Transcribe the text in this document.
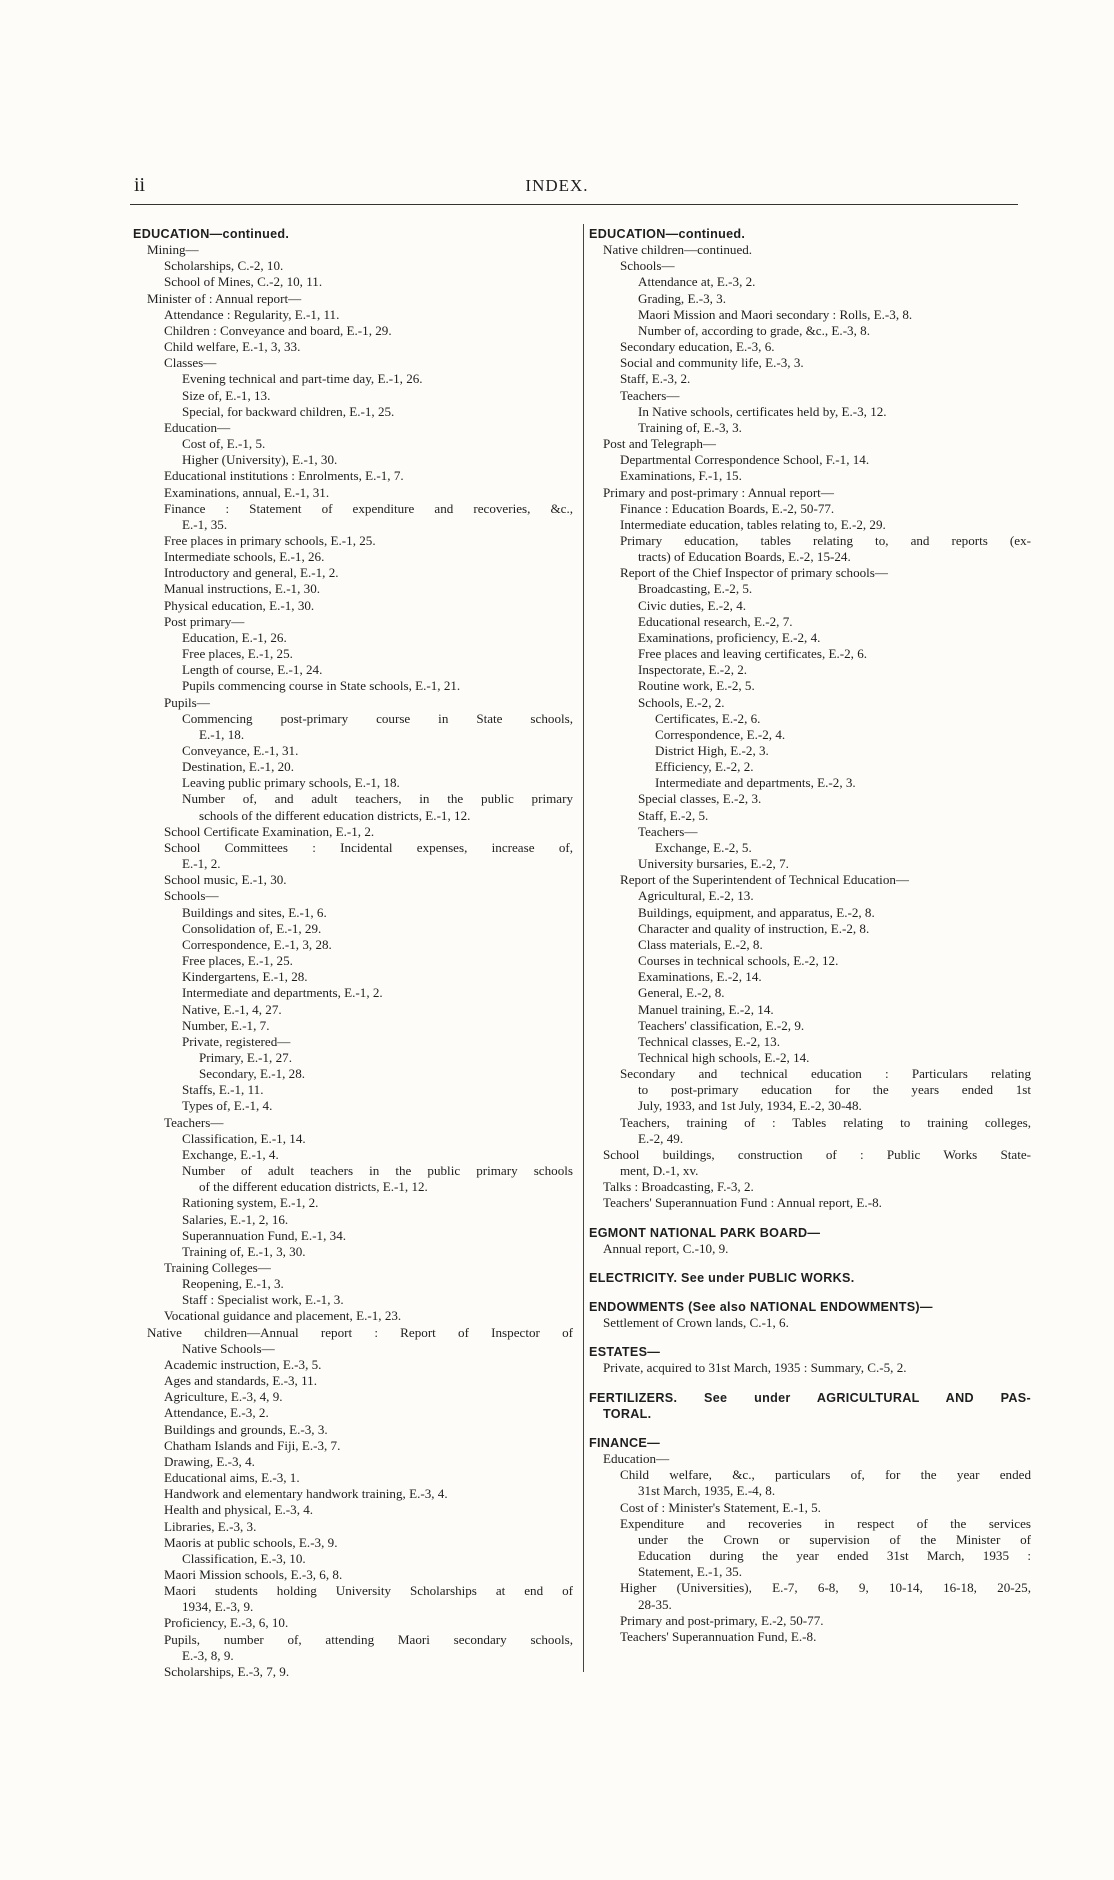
ii	INDEX.
EDUCATION—continued.
Mining—
Scholarships, C.-2, 10.
School of Mines, C.-2, 10, 11.
Minister of : Annual report—
Attendance : Regularity, E.-1, 11.
Children : Conveyance and board, E.-1, 29.
Child welfare, E.-1, 3, 33.
Classes—
Evening technical and part-time day, E.-1, 26.
Size of, E.-1, 13.
Special, for backward children, E.-1, 25.
Education—
Cost of, E.-1, 5.
Higher (University), E.-1, 30.
Educational institutions : Enrolments, E.-1, 7.
Examinations, annual, E.-1, 31.
Finance : Statement of expenditure and recoveries, &c.,
E.-1, 35.
Free places in primary schools, E.-1, 25.
Intermediate schools, E.-1, 26.
Introductory and general, E.-1, 2.
Manual instructions, E.-1, 30.
Physical education, E.-1, 30.
Post primary—
Education, E.-1, 26.
Free places, E.-1, 25.
Length of course, E.-1, 24.
Pupils commencing course in State schools, E.-1, 21.
Pupils—
Commencing post-primary course in State schools,
E.-1, 18.
Conveyance, E.-1, 31.
Destination, E.-1, 20.
Leaving public primary schools, E.-1, 18.
Number of, and adult teachers, in the public primary
schools of the different education districts, E.-1, 12.
School Certificate Examination, E.-1, 2.
School Committees : Incidental expenses, increase of,
E.-1, 2.
School music, E.-1, 30.
Schools—
Buildings and sites, E.-1, 6.
Consolidation of, E.-1, 29.
Correspondence, E.-1, 3, 28.
Free places, E.-1, 25.
Kindergartens, E.-1, 28.
Intermediate and departments, E.-1, 2.
Native, E.-1, 4, 27.
Number, E.-1, 7.
Private, registered—
Primary, E.-1, 27.
Secondary, E.-1, 28.
Staffs, E.-1, 11.
Types of, E.-1, 4.
Teachers—
Classification, E.-1, 14.
Exchange, E.-1, 4.
Number of adult teachers in the public primary schools
of the different education districts, E.-1, 12.
Rationing system, E.-1, 2.
Salaries, E.-1, 2, 16.
Superannuation Fund, E.-1, 34.
Training of, E.-1, 3, 30.
Training Colleges—
Reopening, E.-1, 3.
Staff : Specialist work, E.-1, 3.
Vocational guidance and placement, E.-1, 23.
Native children—Annual report : Report of Inspector of
Native Schools—
Academic instruction, E.-3, 5.
Ages and standards, E.-3, 11.
Agriculture, E.-3, 4, 9.
Attendance, E.-3, 2.
Buildings and grounds, E.-3, 3.
Chatham Islands and Fiji, E.-3, 7.
Drawing, E.-3, 4.
Educational aims, E.-3, 1.
Handwork and elementary handwork training, E.-3, 4.
Health and physical, E.-3, 4.
Libraries, E.-3, 3.
Maoris at public schools, E.-3, 9.
Classification, E.-3, 10.
Maori Mission schools, E.-3, 6, 8.
Maori students holding University Scholarships at end of
1934, E.-3, 9.
Proficiency, E.-3, 6, 10.
Pupils, number of, attending Maori secondary schools,
E.-3, 8, 9.
Scholarships, E.-3, 7, 9.
EDUCATION—continued.
Native children—continued.
Schools—
Attendance at, E.-3, 2.
Grading, E.-3, 3.
Maori Mission and Maori secondary : Rolls, E.-3, 8.
Number of, according to grade, &c., E.-3, 8.
Secondary education, E.-3, 6.
Social and community life, E.-3, 3.
Staff, E.-3, 2.
Teachers—
In Native schools, certificates held by, E.-3, 12.
Training of, E.-3, 3.
Post and Telegraph—
Departmental Correspondence School, F.-1, 14.
Examinations, F.-1, 15.
Primary and post-primary : Annual report—
Finance : Education Boards, E.-2, 50-77.
Intermediate education, tables relating to, E.-2, 29.
Primary education, tables relating to, and reports (ex-
tracts) of Education Boards, E.-2, 15-24.
Report of the Chief Inspector of primary schools—
Broadcasting, E.-2, 5.
Civic duties, E.-2, 4.
Educational research, E.-2, 7.
Examinations, proficiency, E.-2, 4.
Free places and leaving certificates, E.-2, 6.
Inspectorate, E.-2, 2.
Routine work, E.-2, 5.
Schools, E.-2, 2.
Certificates, E.-2, 6.
Correspondence, E.-2, 4.
District High, E.-2, 3.
Efficiency, E.-2, 2.
Intermediate and departments, E.-2, 3.
Special classes, E.-2, 3.
Staff, E.-2, 5.
Teachers—
Exchange, E.-2, 5.
University bursaries, E.-2, 7.
Report of the Superintendent of Technical Education—
Agricultural, E.-2, 13.
Buildings, equipment, and apparatus, E.-2, 8.
Character and quality of instruction, E.-2, 8.
Class materials, E.-2, 8.
Courses in technical schools, E.-2, 12.
Examinations, E.-2, 14.
General, E.-2, 8.
Manuel training, E.-2, 14.
Teachers' classification, E.-2, 9.
Technical classes, E.-2, 13.
Technical high schools, E.-2, 14.
Secondary and technical education : Particulars relating
to post-primary education for the years ended 1st
July, 1933, and 1st July, 1934, E.-2, 30-48.
Teachers, training of : Tables relating to training colleges,
E.-2, 49.
School buildings, construction of : Public Works State-
ment, D.-1, xv.
Talks : Broadcasting, F.-3, 2.
Teachers' Superannuation Fund : Annual report, E.-8.
EGMONT NATIONAL PARK BOARD—
Annual report, C.-10, 9.
ELECTRICITY. See under PUBLIC WORKS.
ENDOWMENTS (See also NATIONAL ENDOWMENTS)—
Settlement of Crown lands, C.-1, 6.
ESTATES—
Private, acquired to 31st March, 1935 : Summary, C.-5, 2.
FERTILIZERS. See under AGRICULTURAL AND PAS-
TORAL.
FINANCE—
Education—
Child welfare, &c., particulars of, for the year ended
31st March, 1935, E.-4, 8.
Cost of : Minister's Statement, E.-1, 5.
Expenditure and recoveries in respect of the services
under the Crown or supervision of the Minister of
Education during the year ended 31st March, 1935 :
Statement, E.-1, 35.
Higher (Universities), E.-7, 6-8, 9, 10-14, 16-18, 20-25,
28-35.
Primary and post-primary, E.-2, 50-77.
Teachers' Superannuation Fund, E.-8.
